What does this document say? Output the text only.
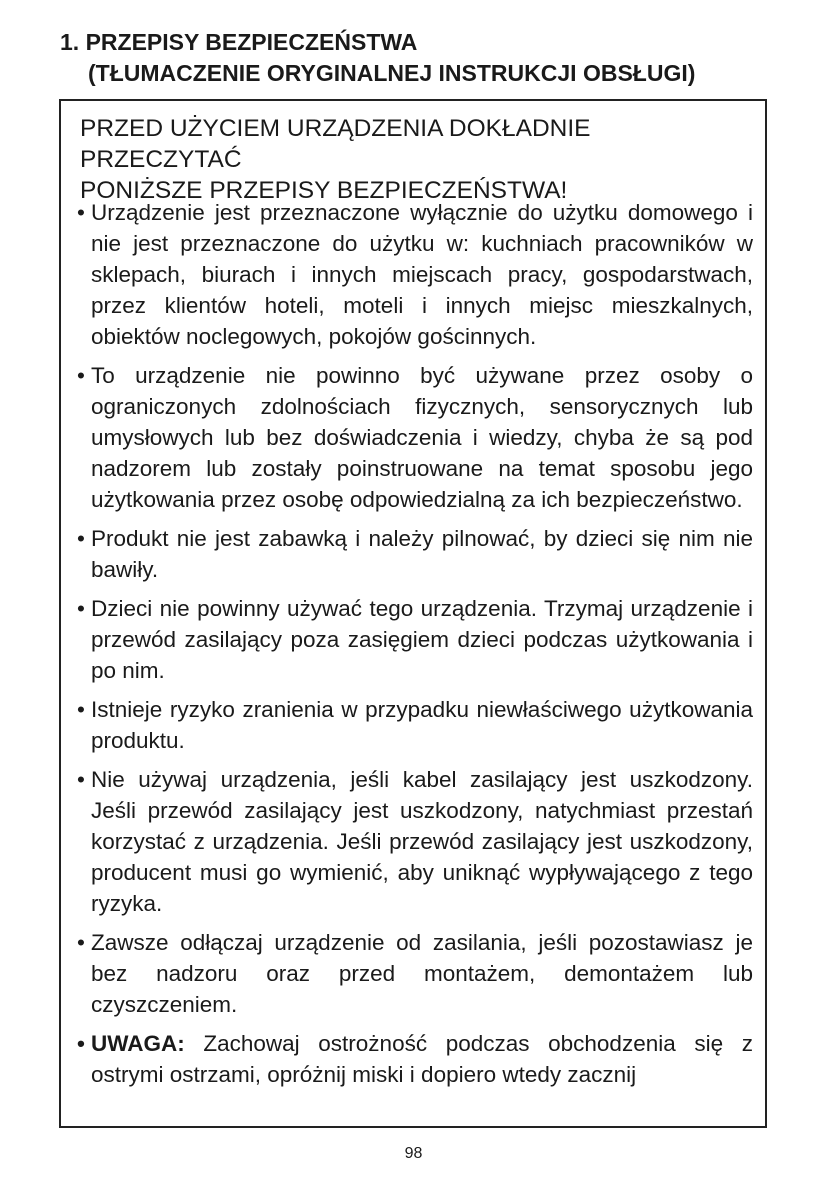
1. PRZEPISY BEZPIECZEŃSTWA
(TŁUMACZENIE ORYGINALNEJ INSTRUKCJI OBSŁUGI)
PRZED UŻYCIEM URZĄDZENIA DOKŁADNIE PRZECZYTAĆ
PONIŻSZE PRZEPISY BEZPIECZEŃSTWA!
• Urządzenie jest przeznaczone wyłącznie do użytku domowego i nie jest przeznaczone do użytku w: kuchniach pracowników w sklepach, biurach i innych miejscach pracy, gospodarstwach, przez klientów hoteli, moteli i innych miejsc mieszkalnych, obiektów noclegowych, pokojów gościnnych.
• To urządzenie nie powinno być używane przez osoby o ograniczonych zdolnościach fizycznych, sensorycznych lub umysłowych lub bez doświadczenia i wiedzy, chyba że są pod nadzorem lub zostały poinstruowane na temat sposobu jego użytkowania przez osobę odpowiedzialną za ich bezpieczeństwo.
• Produkt nie jest zabawką i należy pilnować, by dzieci się nim nie bawiły.
• Dzieci nie powinny używać tego urządzenia. Trzymaj urządzenie i przewód zasilający poza zasięgiem dzieci podczas użytkowania i po nim.
• Istnieje ryzyko zranienia w przypadku niewłaściwego użytkowania produktu.
• Nie używaj urządzenia, jeśli kabel zasilający jest uszkodzony. Jeśli przewód zasilający jest uszkodzony, natychmiast przestań korzystać z urządzenia. Jeśli przewód zasilający jest uszkodzony, producent musi go wymienić, aby uniknąć wypływającego z tego ryzyka.
• Zawsze odłączaj urządzenie od zasilania, jeśli pozostawiasz je bez nadzoru oraz przed montażem, demontażem lub czyszczeniem.
• UWAGA: Zachowaj ostrożność podczas obchodzenia się z ostrymi ostrzami, opróżnij miski i dopiero wtedy zacznij
98
